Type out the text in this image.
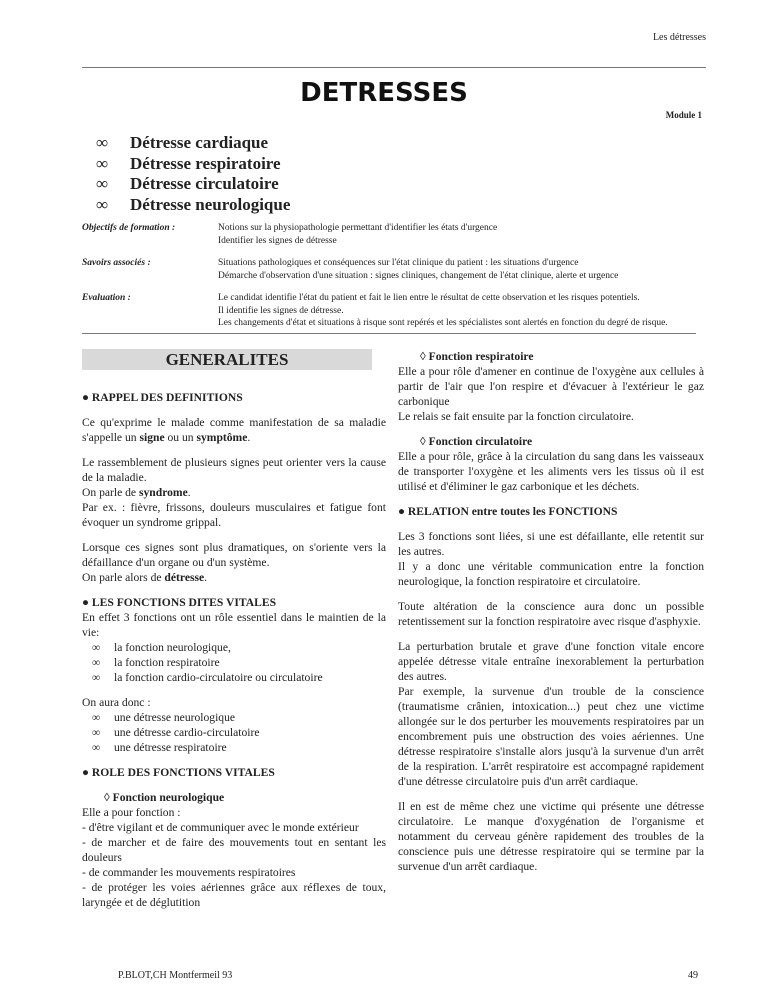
Les détresses
DETRESSES
Module 1
∞ Détresse cardiaque
∞ Détresse respiratoire
∞ Détresse circulatoire
∞ Détresse neurologique
Objectifs de formation :	Notions sur la physiopathologie permettant d'identifier les états d'urgence
Identifier les signes de détresse
Savoirs associés :	Situations pathologiques et conséquences sur l'état clinique du patient : les situations d'urgence
Démarche d'observation d'une situation : signes cliniques, changement de l'état clinique, alerte et urgence
Evaluation :	Le candidat identifie l'état du patient et fait le lien entre le résultat de cette observation et les risques potentiels.
Il identifie les signes de détresse.
Les changements d'état et situations à risque sont repérés et les spécialistes sont alertés en fonction du degré de risque.
GENERALITES

● RAPPEL DES DEFINITIONS

Ce qu'exprime le malade comme manifestation de sa maladie s'appelle un signe ou un symptôme.

Le rassemblement de plusieurs signes peut orienter vers la cause de la maladie.
On parle de syndrome.
Par ex. : fièvre, frissons, douleurs musculaires et fatigue font évoquer un syndrome grippal.

Lorsque ces signes sont plus dramatiques, on s'oriente vers la défaillance d'un organe ou d'un système.
On parle alors de détresse.

● LES FONCTIONS DITES VITALES
En effet 3 fonctions ont un rôle essentiel dans le maintien de la vie:
∞ la fonction neurologique,
∞ la fonction respiratoire
∞ la fonction cardio-circulatoire ou circulatoire
On aura donc :
∞ une détresse neurologique
∞ une détresse cardio-circulatoire
∞ une détresse respiratoire

● ROLE DES FONCTIONS VITALES

◊ Fonction neurologique
Elle a pour fonction :
- d'être vigilant et de communiquer avec le monde extérieur
- de marcher et de faire des mouvements tout en sentant les douleurs
- de commander les mouvements respiratoires
- de protéger les voies aériennes grâce aux réflexes de toux, laryngée et de déglutition
◊ Fonction respiratoire

Elle a pour rôle d'amener en continue de l'oxygène aux cellules à partir de l'air que l'on respire et d'évacuer à l'extérieur le gaz carbonique
Le relais se fait ensuite par la fonction circulatoire.

◊ Fonction circulatoire

Elle a pour rôle, grâce à la circulation du sang dans les vaisseaux de transporter l'oxygène et les aliments vers les tissus où il est utilisé et d'éliminer le gaz carbonique et les déchets.

● RELATION entre toutes les FONCTIONS

Les 3 fonctions sont liées, si une est défaillante, elle retentit sur les autres.
Il y a donc une véritable communication entre la fonction neurologique, la fonction respiratoire et circulatoire.

Toute altération de la conscience aura donc un possible retentissement sur la fonction respiratoire avec risque d'asphyxie.

La perturbation brutale et grave d'une fonction vitale encore appelée détresse vitale entraîne inexorablement la perturbation des autres.
Par exemple, la survenue d'un trouble de la conscience (traumatisme crânien, intoxication...) peut chez une victime allongée sur le dos perturber les mouvements respiratoires par un encombrement puis une obstruction des voies aériennes. Une détresse respiratoire s'installe alors jusqu'à la survenue d'un arrêt de la respiration. L'arrêt respiratoire est accompagné rapidement d'une détresse circulatoire puis d'un arrêt cardiaque.

Il en est de même chez une victime qui présente une détresse circulatoire. Le manque d'oxygénation de l'organisme et notamment du cerveau génère rapidement des troubles de la conscience puis une détresse respiratoire qui se termine par la survenue d'un arrêt cardiaque.

P.BLOT,CH Montfermeil 93	49
